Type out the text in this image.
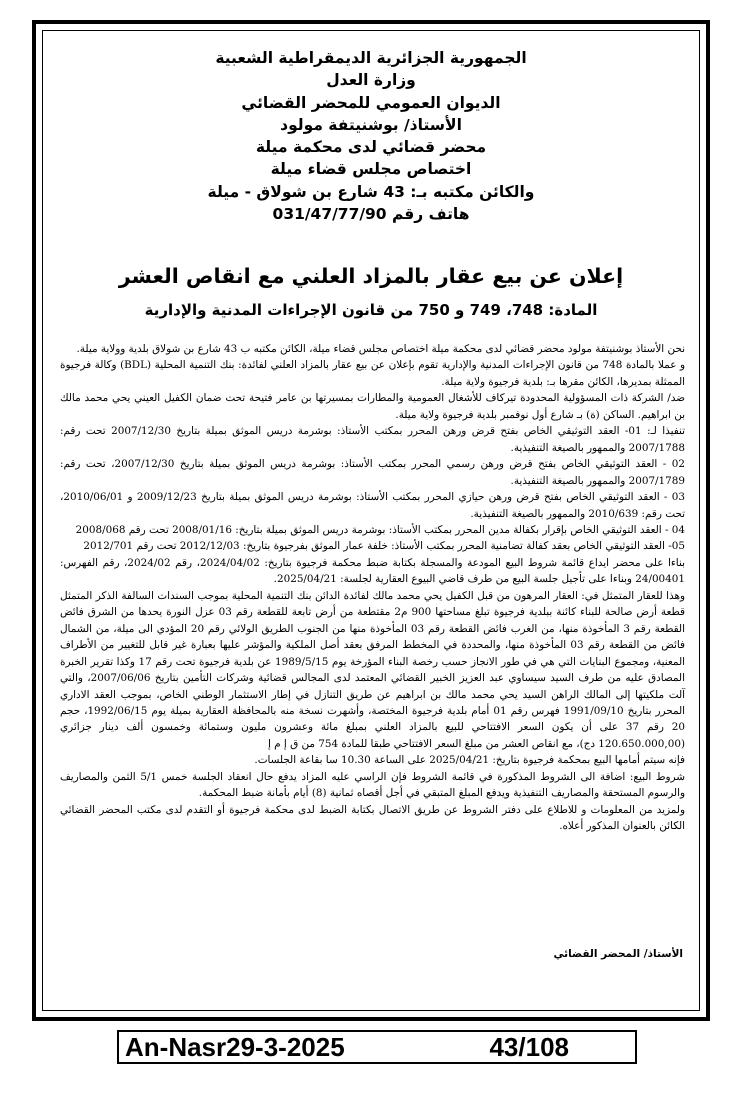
الجمهورية الجزائرية الديمقراطية الشعبية
وزارة العدل
الديوان العمومي للمحضر القضائي
الأستاذ/ بوشنيتفة مولود
محضر قضائي لدى محكمة ميلة
اختصاص مجلس قضاء ميلة
والكائن مكتبه بـ: 43 شارع بن شولاق - ميلة
هاتف رقم 031/47/77/90
إعلان عن بيع عقار بالمزاد العلني مع انقاص العشر
المادة: 748، 749 و 750 من قانون الإجراءات المدنية والإدارية

نحن الأستاذ بوشنيتفة مولود محضر قضائي لدى محكمة ميلة اختصاص مجلس قضاء ميلة، الكائن مكتبه ب 43 شارع بن شولاق بلدية وولاية ميلة.

و عملا بالمادة 748 من قانون الإجراءات المدنية والإدارية تقوم بإعلان عن بيع عقار بالمزاد العلني لفائدة: بنك التنمية المحلية (BDL) وكالة فرجيوة الممثلة بمديرها، الكائن مقرها بـ: بلدية فرجيوة ولاية ميلة.

ضد/ الشركة ذات المسؤولية المحدودة تيركاف للأشغال العمومية والمطارات بمسيرتها بن عامر فتيحة تحت ضمان الكفيل العيني يحي محمد مالك بن ابراهيم. الساكن (ة) بـ شارع أول نوفمبر بلدية فرجيوة ولاية ميلة.

تنفيذا لـ: 01- العقد التوثيقي الخاص بفتح قرض ورهن المحرر بمكتب الأستاذ: بوشرمة دريس الموثق بميلة بتاريخ 2007/12/30 تحت رقم: 2007/1788 والممهور بالصيغة التنفيذية.

02 - العقد التوثيقي الخاص بفتح قرض ورهن رسمي المحرر بمكتب الأستاذ: بوشرمة دريس الموثق بميلة بتاريخ 2007/12/30، تحت رقم: 2007/1789 والممهور بالصيغة التنفيذية.

03 - العقد التوثيقي الخاص بفتح قرض ورهن حيازي المحرر بمكتب الأستاذ: بوشرمة دريس الموثق بميلة بتاريخ 2009/12/23 و 2010/06/01، تحت رقم: 2010/639 والممهور بالصيغة التنفيذية.

04 - العقد التوثيقي الخاص بإقرار بكفالة مدين المحرر بمكتب الأستاذ: بوشرمة دريس الموثق بميلة بتاريخ: 2008/01/16 تحت رقم 2008/068

05- العقد التوثيقي الخاص بعقد كفالة تضامنية المحرر بمكتب الأستاذ: خلفة عمار الموثق بفرجيوة بتاريخ: 2012/12/03 تحت رقم 2012/701

بناءا على محضر ايداع قائمة شروط البيع المودعة والمسجلة بكتابة ضبط محكمة فرجيوة بتاريخ: 2024/04/02، رقم 2024/02، رقم الفهرس: 24/00401 وبناءا على تأجيل جلسة البيع من طرف قاضي البيوع العقارية لجلسة: 2025/04/21.

وهذا للعقار المتمثل في: العقار المرهون من قبل الكفيل يحي محمد مالك لفائدة الدائن بنك التنمية المحلية بموجب السندات السالفة الذكر المتمثل قطعة أرض صالحة للبناء كائنة ببلدية فرجيوة تبلغ مساحتها 900 م2 مقتطعة من أرض تابعة للقطعة رقم 03 عزل النورة يحدها من الشرق فائض القطعة رقم 3 المأخوذة منها، من الغرب فائض القطعة رقم 03 المأخوذة منها من الجنوب الطريق الولائي رقم 20 المؤدي الى ميلة، من الشمال فائض من القطعة رقم 03 المأخوذة منها، والمحددة في المخطط المرفق بعقد أصل الملكية والمؤشر عليها بعبارة غير قابل للتغيير من الأطراف المعنية، ومجموع البنايات التي هي في طور الانجاز حسب رخصة البناء المؤرخة يوم 1989/5/15 عن بلدية فرجيوة تحت رقم 17 وكذا تقرير الخبرة المصادق عليه من طرف السيد سيساوي عبد العزيز الخبير القضائي المعتمد لدى المجالس قضائية وشركات التأمين بتاريخ 2007/06/06، والتي آلت ملكيتها إلى المالك الراهن السيد يحي محمد مالك بن ابراهيم عن طريق التنازل في إطار الاستثمار الوطني الخاص، بموجب العقد الاداري المحرر بتاريخ 1991/09/10 فهرس رقم 01 أمام بلدية فرجيوة المختصة، وأشهرت نسخة منه بالمحافظة العقارية بميلة يوم 1992/06/15، حجم 20 رقم 37 على أن يكون السعر الافتتاحي للبيع بالمزاد العلني بمبلغ مائة وعشرون مليون وستمائة وخمسون ألف دينار جزائري (120.650.000,00 دج)، مع انقاص العشر من مبلغ السعر الافتتاحي طبقا للمادة 754 من ق إ م إ

فإنه سيتم أمامها البيع بمحكمة فرجيوة بتاريخ: 2025/04/21 على الساعة 10.30 سا بقاعة الجلسات.

شروط البيع: اضافة الى الشروط المذكورة في قائمة الشروط فإن الراسي عليه المزاد يدفع حال انعقاد الجلسة خمس 5/1 الثمن والمصاريف والرسوم المستحقة والمصاريف التنفيذية ويدفع المبلغ المتبقي في أجل أقصاه ثمانية (8) أيام بأمانة ضبط المحكمة.

ولمزيد من المعلومات و للاطلاع على دفتر الشروط عن طريق الاتصال بكتابة الضبط لدى محكمة فرجيوة أو التقدم لدى مكتب المحضر القضائي الكائن بالعنوان المذكور أعلاه.

الأستاذ/ المحضر القضائي
An-Nasr29-3-2025	43/108
